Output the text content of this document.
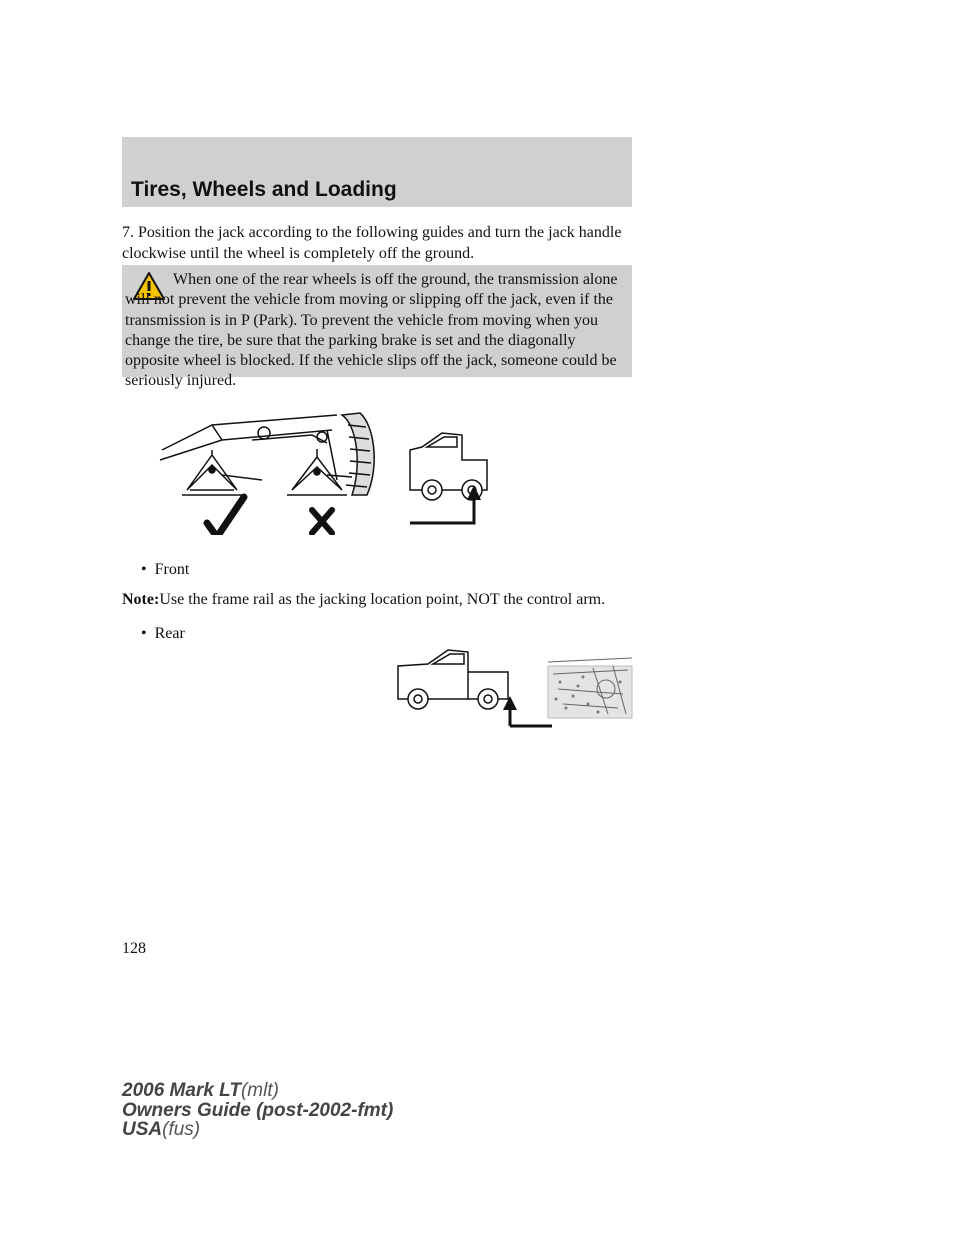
Tires, Wheels and Loading

7. Position the jack according to the following guides and turn the jack handle clockwise until the wheel is completely off the ground.

When one of the rear wheels is off the ground, the transmission alone will not prevent the vehicle from moving or slipping off the jack, even if the transmission is in P (Park). To prevent the vehicle from moving when you change the tire, be sure that the parking brake is set and the diagonally opposite wheel is blocked. If the vehicle slips off the jack, someone could be seriously injured.

•  Front

Note:Use the frame rail as the jacking location point, NOT the control arm.

•  Rear
128
2006 Mark LT(mlt)
Owners Guide (post-2002-fmt)
USA(fus)
